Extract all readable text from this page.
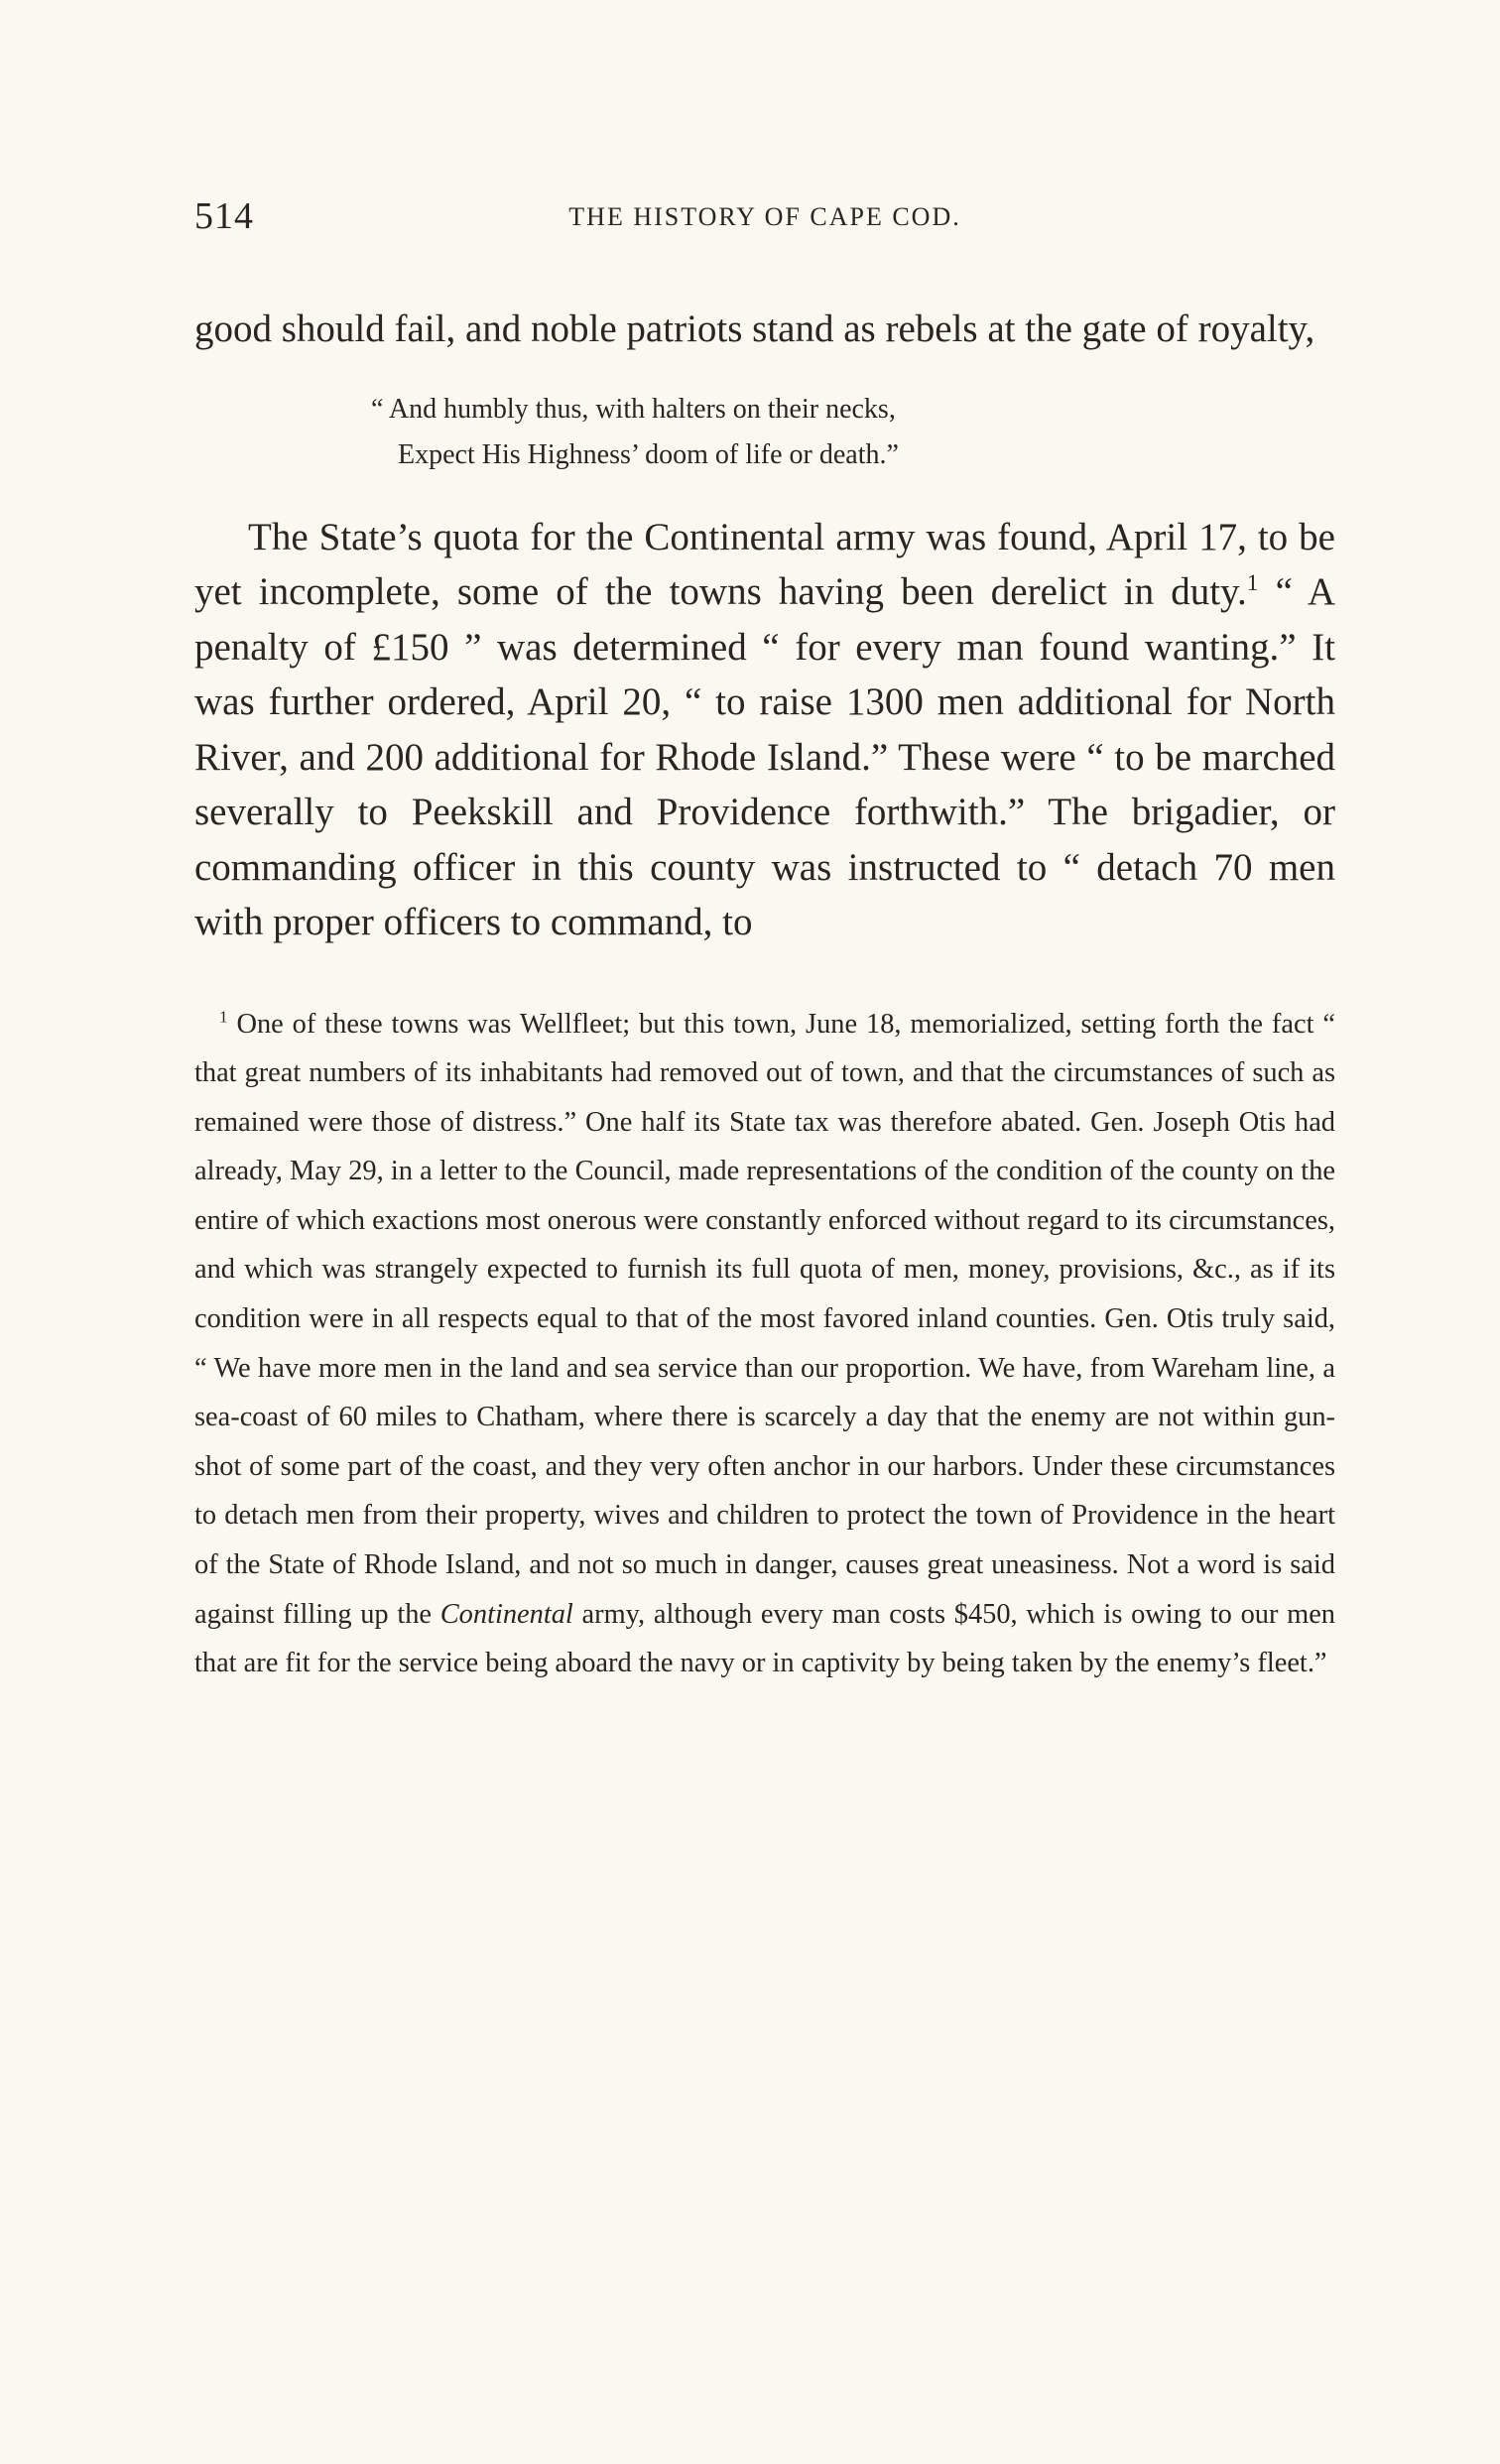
514	THE HISTORY OF CAPE COD.

good should fail, and noble patriots stand as rebels at the gate of royalty,

“ And humbly thus, with halters on their necks,
Expect His Highness’ doom of life or death.”

The State’s quota for the Continental army was found, April 17, to be yet incomplete, some of the towns having been derelict in duty.$^1$ “ A penalty of £150 ” was determined “ for every man found wanting.” It was further ordered, April 20, “ to raise 1300 men additional for North River, and 200 additional for Rhode Island.” These were “ to be marched severally to Peekskill and Providence forthwith.” The brigadier, or commanding officer in this county was instructed to “ detach 70 men with proper officers to command, to

$^1$ One of these towns was Wellfleet; but this town, June 18, memorialized, setting forth the fact “ that great numbers of its inhabitants had removed out of town, and that the circumstances of such as remained were those of distress.” One half its State tax was therefore abated. Gen. Joseph Otis had already, May 29, in a letter to the Council, made representations of the condition of the county on the entire of which exactions most onerous were constantly enforced without regard to its circumstances, and which was strangely expected to furnish its full quota of men, money, provisions, &c., as if its condition were in all respects equal to that of the most favored inland counties. Gen. Otis truly said, “ We have more men in the land and sea service than our proportion. We have, from Wareham line, a sea-coast of 60 miles to Chatham, where there is scarcely a day that the enemy are not within gun-shot of some part of the coast, and they very often anchor in our harbors. Under these circumstances to detach men from their property, wives and children to protect the town of Providence in the heart of the State of Rhode Island, and not so much in danger, causes great uneasiness. Not a word is said against filling up the Continental army, although every man costs $450, which is owing to our men that are fit for the service being aboard the navy or in captivity by being taken by the enemy’s fleet.”
